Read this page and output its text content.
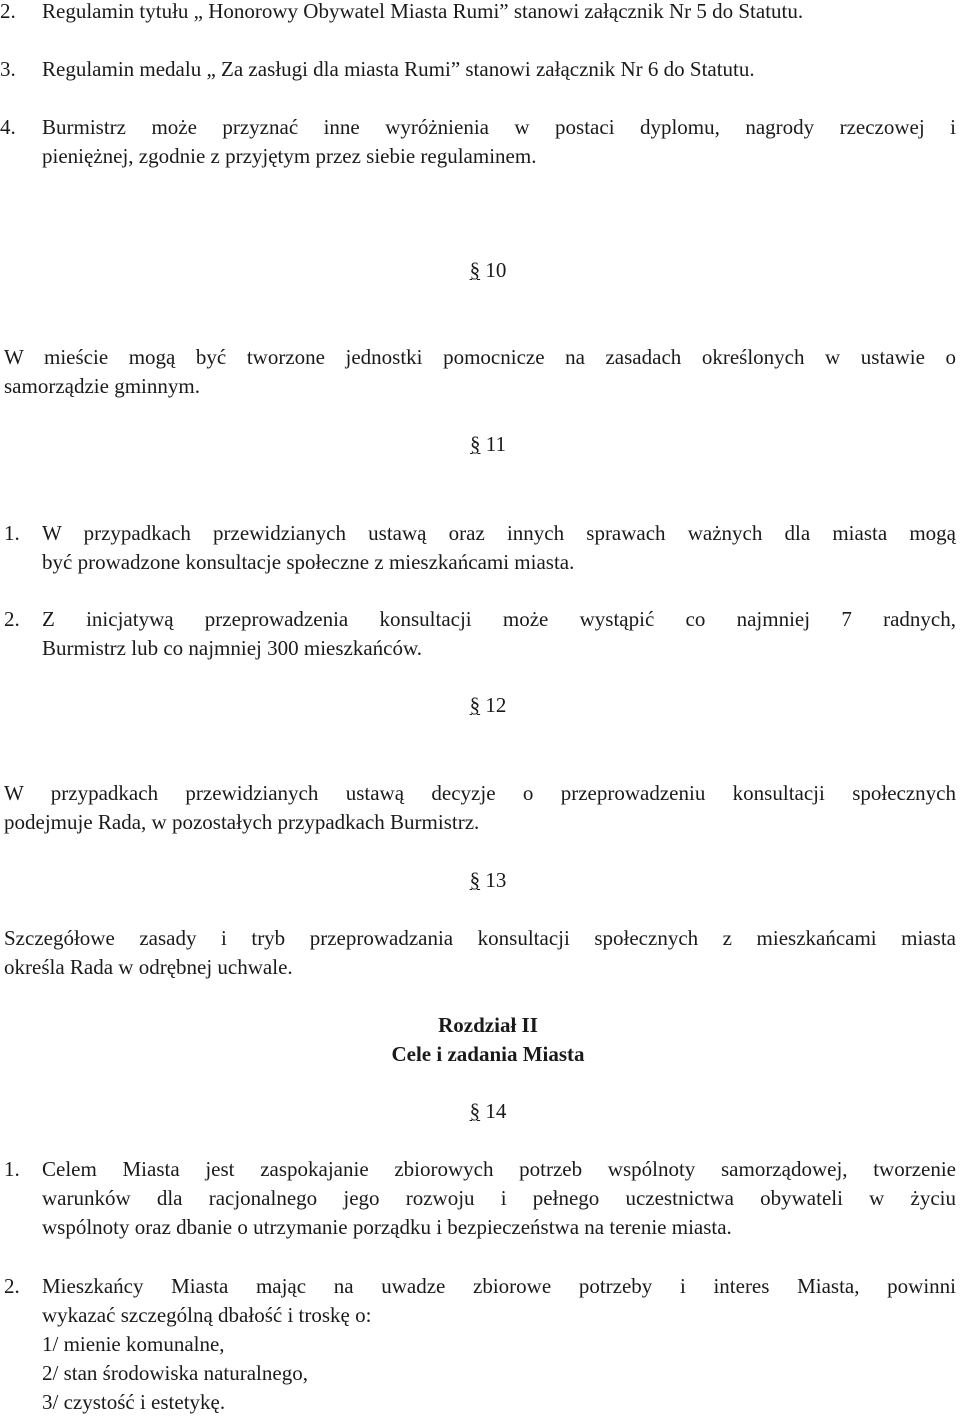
2. Regulamin tytułu „ Honorowy Obywatel Miasta Rumi” stanowi załącznik Nr 5 do Statutu.
3. Regulamin medalu „ Za zasługi dla miasta Rumi” stanowi załącznik Nr 6 do Statutu.
4. Burmistrz może przyznać inne wyróżnienia w postaci dyplomu, nagrody rzeczowej i
pieniężnej, zgodnie z przyjętym przez siebie regulaminem.
§ 10
W mieście mogą być tworzone jednostki pomocnicze na zasadach określonych w ustawie o
samorządzie gminnym.
§ 11
1. W przypadkach przewidzianych ustawą oraz innych sprawach ważnych dla miasta mogą
być prowadzone konsultacje społeczne z mieszkańcami miasta.
2. Z inicjatywą przeprowadzenia konsultacji może wystąpić co najmniej 7 radnych,
Burmistrz lub co najmniej 300 mieszkańców.
§ 12
W przypadkach przewidzianych ustawą decyzje o przeprowadzeniu konsultacji społecznych
podejmuje Rada, w pozostałych przypadkach Burmistrz.
§ 13
Szczegółowe zasady i tryb przeprowadzania konsultacji społecznych z mieszkańcami miasta
określa Rada w odrębnej uchwale.
Rozdział II
Cele i zadania Miasta
§ 14
1. Celem Miasta jest zaspokajanie zbiorowych potrzeb wspólnoty samorządowej, tworzenie
warunków dla racjonalnego jego rozwoju i pełnego uczestnictwa obywateli w życiu
wspólnoty oraz dbanie o utrzymanie porządku i bezpieczeństwa na terenie miasta.
2. Mieszkańcy Miasta mając na uwadze zbiorowe potrzeby i interes Miasta, powinni
wykazać szczególną dbałość i troskę o:
1/ mienie komunalne,
2/ stan środowiska naturalnego,
3/ czystość i estetykę.
